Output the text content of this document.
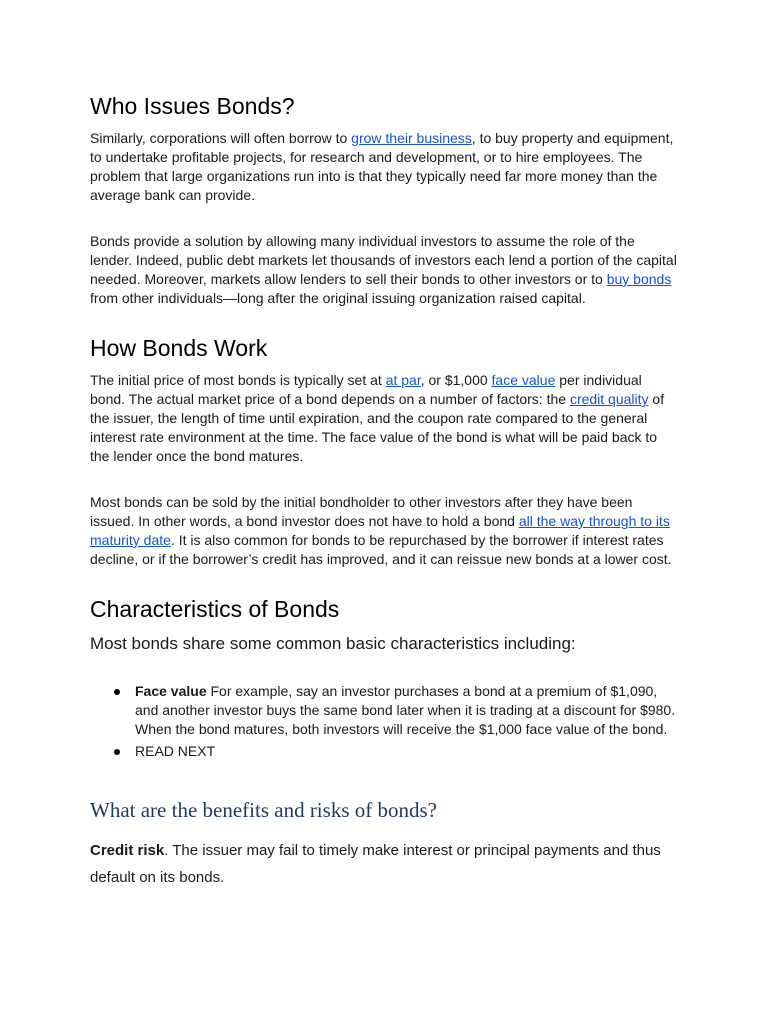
Who Issues Bonds?

Similarly, corporations will often borrow to grow their business, to buy property and equipment, to undertake profitable projects, for research and development, or to hire employees. The problem that large organizations run into is that they typically need far more money than the average bank can provide.

Bonds provide a solution by allowing many individual investors to assume the role of the lender. Indeed, public debt markets let thousands of investors each lend a portion of the capital needed. Moreover, markets allow lenders to sell their bonds to other investors or to buy bonds from other individuals—long after the original issuing organization raised capital.

How Bonds Work

The initial price of most bonds is typically set at at par, or $1,000 face value per individual bond. The actual market price of a bond depends on a number of factors: the credit quality of the issuer, the length of time until expiration, and the coupon rate compared to the general interest rate environment at the time. The face value of the bond is what will be paid back to the lender once the bond matures.

Most bonds can be sold by the initial bondholder to other investors after they have been issued. In other words, a bond investor does not have to hold a bond all the way through to its maturity date. It is also common for bonds to be repurchased by the borrower if interest rates decline, or if the borrower’s credit has improved, and it can reissue new bonds at a lower cost.

Characteristics of Bonds

Most bonds share some common basic characteristics including:

Face value For example, say an investor purchases a bond at a premium of $1,090, and another investor buys the same bond later when it is trading at a discount for $980. When the bond matures, both investors will receive the $1,000 face value of the bond.
READ NEXT
What are the benefits and risks of bonds?

Credit risk. The issuer may fail to timely make interest or principal payments and thus default on its bonds.
